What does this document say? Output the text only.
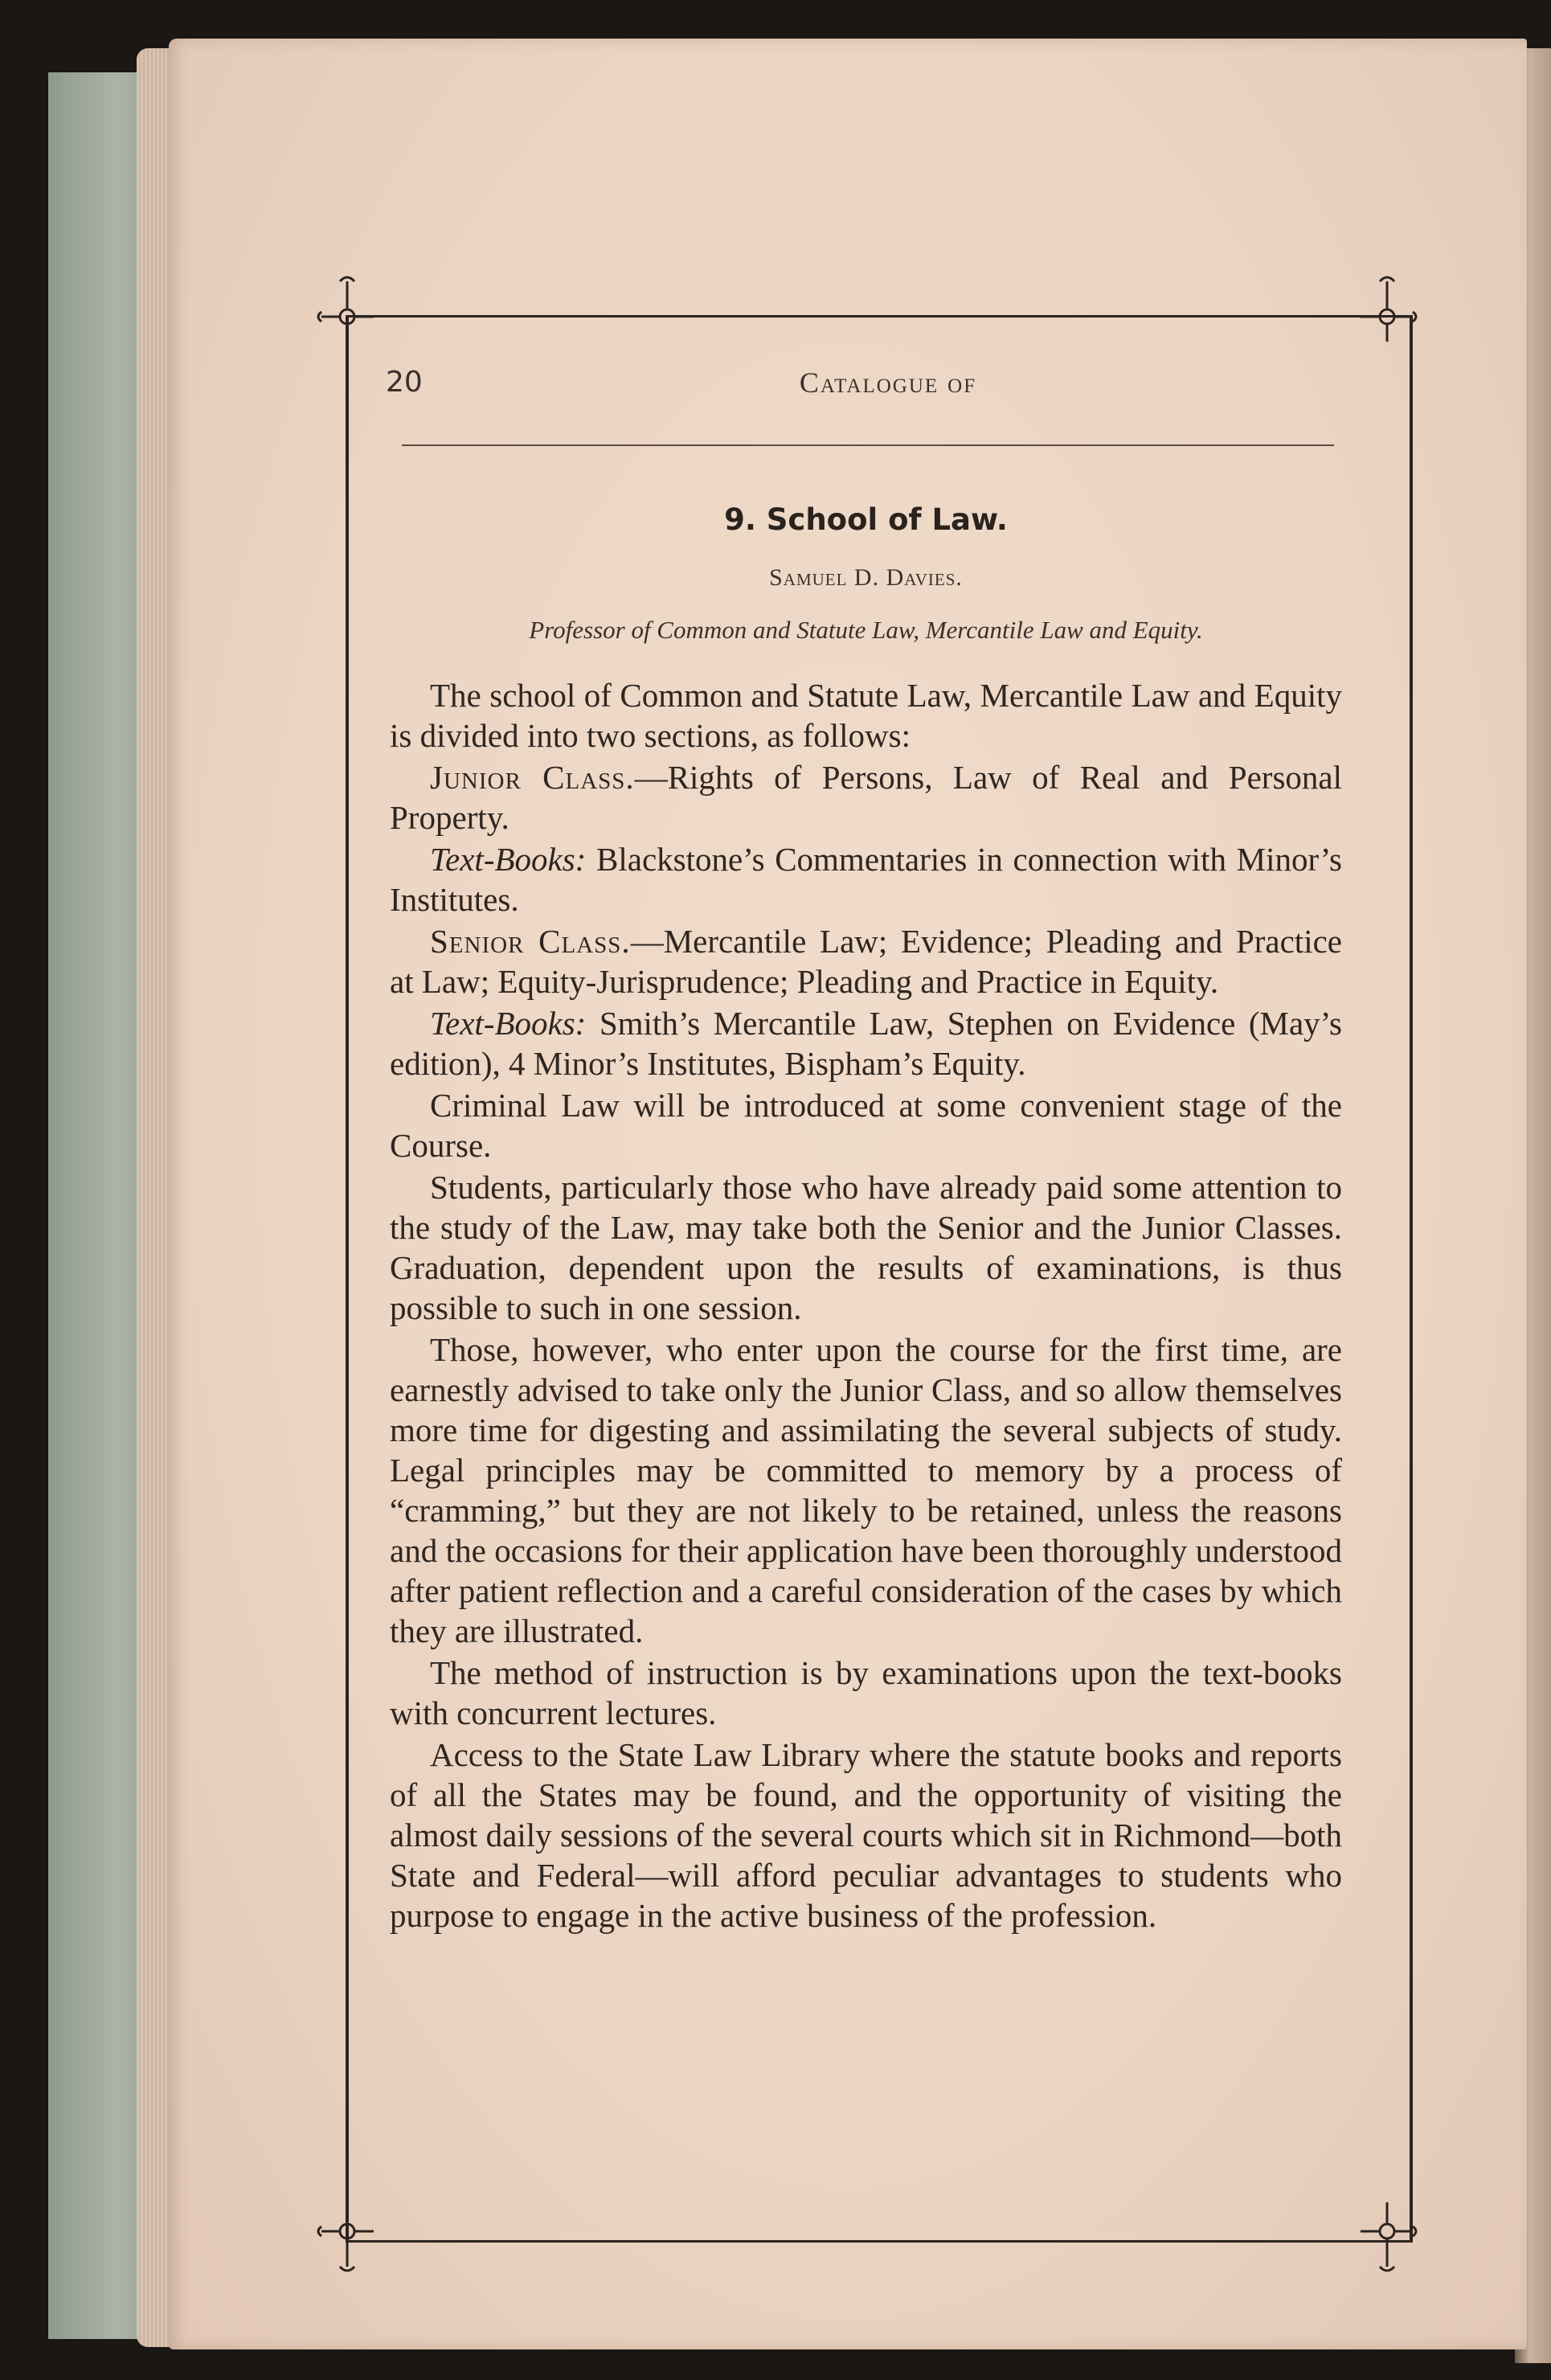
20	Catalogue of
9. School of Law.
Samuel D. Davies.
Professor of Common and Statute Law, Mercantile Law and Equity.

The school of Common and Statute Law, Mercantile Law and Equity is divided into two sections, as follows:

Junior Class.—Rights of Persons, Law of Real and Personal Property.

Text-Books: Blackstone’s Commentaries in connection with Minor’s Institutes.

Senior Class.—Mercantile Law; Evidence; Pleading and Practice at Law; Equity-Jurisprudence; Pleading and Practice in Equity.

Text-Books: Smith’s Mercantile Law, Stephen on Evidence (May’s edition), 4 Minor’s Institutes, Bispham’s Equity.

Criminal Law will be introduced at some convenient stage of the Course.

Students, particularly those who have already paid some attention to the study of the Law, may take both the Senior and the Junior Classes. Graduation, dependent upon the results of examinations, is thus possible to such in one session.

Those, however, who enter upon the course for the first time, are earnestly advised to take only the Junior Class, and so allow themselves more time for digesting and assimilating the several subjects of study. Legal principles may be committed to memory by a process of “cramming,” but they are not likely to be retained, unless the reasons and the occasions for their application have been thoroughly understood after patient reflection and a careful consideration of the cases by which they are illustrated.

The method of instruction is by examinations upon the text-books with concurrent lectures.

Access to the State Law Library where the statute books and reports of all the States may be found, and the opportunity of visiting the almost daily sessions of the several courts which sit in Richmond—both State and Federal—will afford peculiar advantages to students who purpose to engage in the active business of the profession.
